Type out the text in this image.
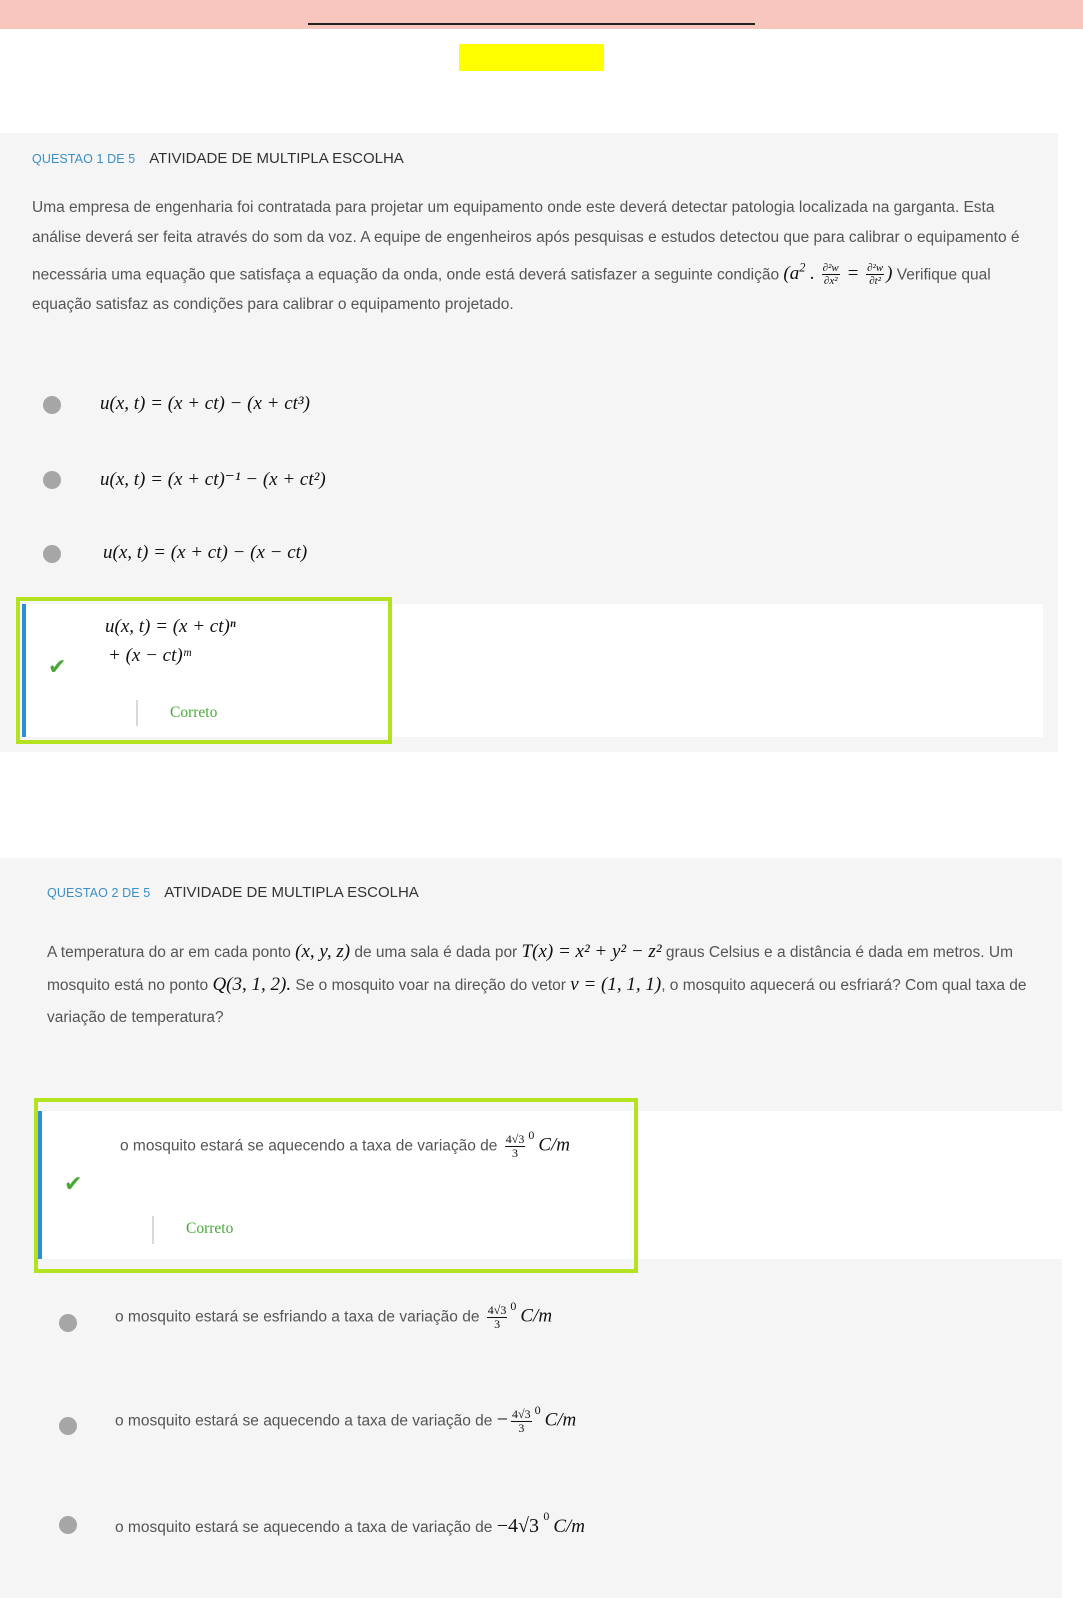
QUESTAO 1 DE 5 ATIVIDADE DE MULTIPLA ESCOLHA
Uma empresa de engenharia foi contratada para projetar um equipamento onde este deverá detectar patologia localizada na garganta. Esta análise deverá ser feita através do som da voz. A equipe de engenheiros após pesquisas e estudos detectou que para calibrar o equipamento é necessária uma equação que satisfaça a equação da onda, onde está deverá satisfazer a seguinte condição ($a^2$ . $\frac{\text{∂²w}}{\text{∂x²}} = \frac{\text{∂²w}}{\text{∂t²}}$ ) Verifique qual equação satisfaz as condições para calibrar o equipamento projetado.
u(x, t) = (x + ct) − (x + ct³)
u(x, t) = (x + ct)⁻¹ − (x + ct²)
u(x, t) = (x + ct) − (x − ct)
✔
u(x, t) = (x + ct)ⁿ
+ (x − ct)ᵐ
Correto
QUESTAO 2 DE 5 ATIVIDADE DE MULTIPLA ESCOLHA
A temperatura do ar em cada ponto (x, y, z) de uma sala é dada por T(x) = x² + y² − z² graus Celsius e a distância é dada em metros. Um mosquito está no ponto Q(3, 1, 2). Se o mosquito voar na direção do vetor v = (1, 1, 1), o mosquito aquecerá ou esfriará? Com qual taxa de variação de temperatura?
✔
o mosquito estará se aquecendo a taxa de variação de $\frac{4√3}{3} ^0$ C/m
Correto
o mosquito estará se esfriando a taxa de variação de $\frac{4√3}{3} ^0$ C/m
o mosquito estará se aquecendo a taxa de variação de − $\frac{4√3}{3} ^0$ C/m
o mosquito estará se aquecendo a taxa de variação de −4√3 $^0$ C/m
